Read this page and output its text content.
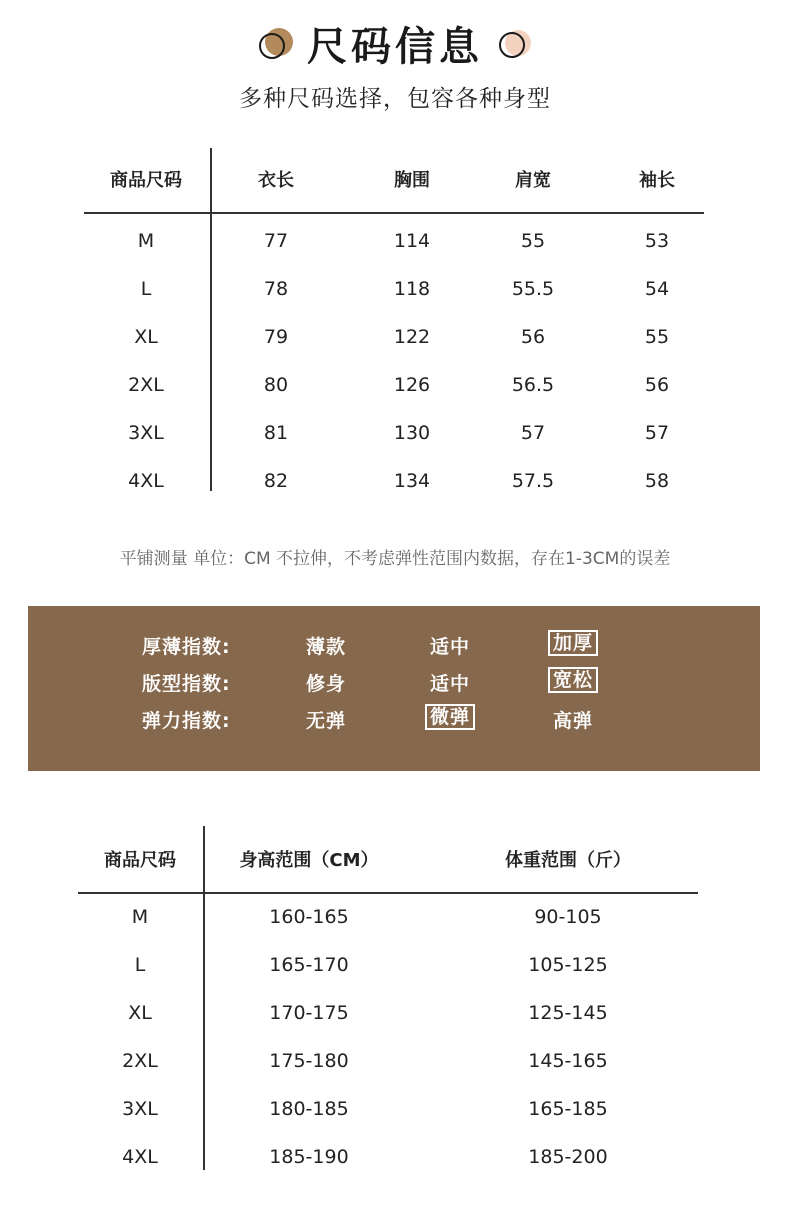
尺码信息
多种尺码选择，包容各种身型
商品尺码	衣长	胸围	肩宽	袖长
M	77	114	55	53
L	78	118	55.5	54
XL	79	122	56	55
2XL	80	126	56.5	56
3XL	81	130	57	57
4XL	82	134	57.5	58
平铺测量 单位：CM 不拉伸，不考虑弹性范围内数据，存在1-3CM的误差
厚薄指数:	薄款	适中	加厚
版型指数:	修身	适中	宽松
弹力指数:	无弹	微弹	高弹
商品尺码	身高范围（CM）	体重范围（斤）
M	160-165	90-105
L	165-170	105-125
XL	170-175	125-145
2XL	175-180	145-165
3XL	180-185	165-185
4XL	185-190	185-200
